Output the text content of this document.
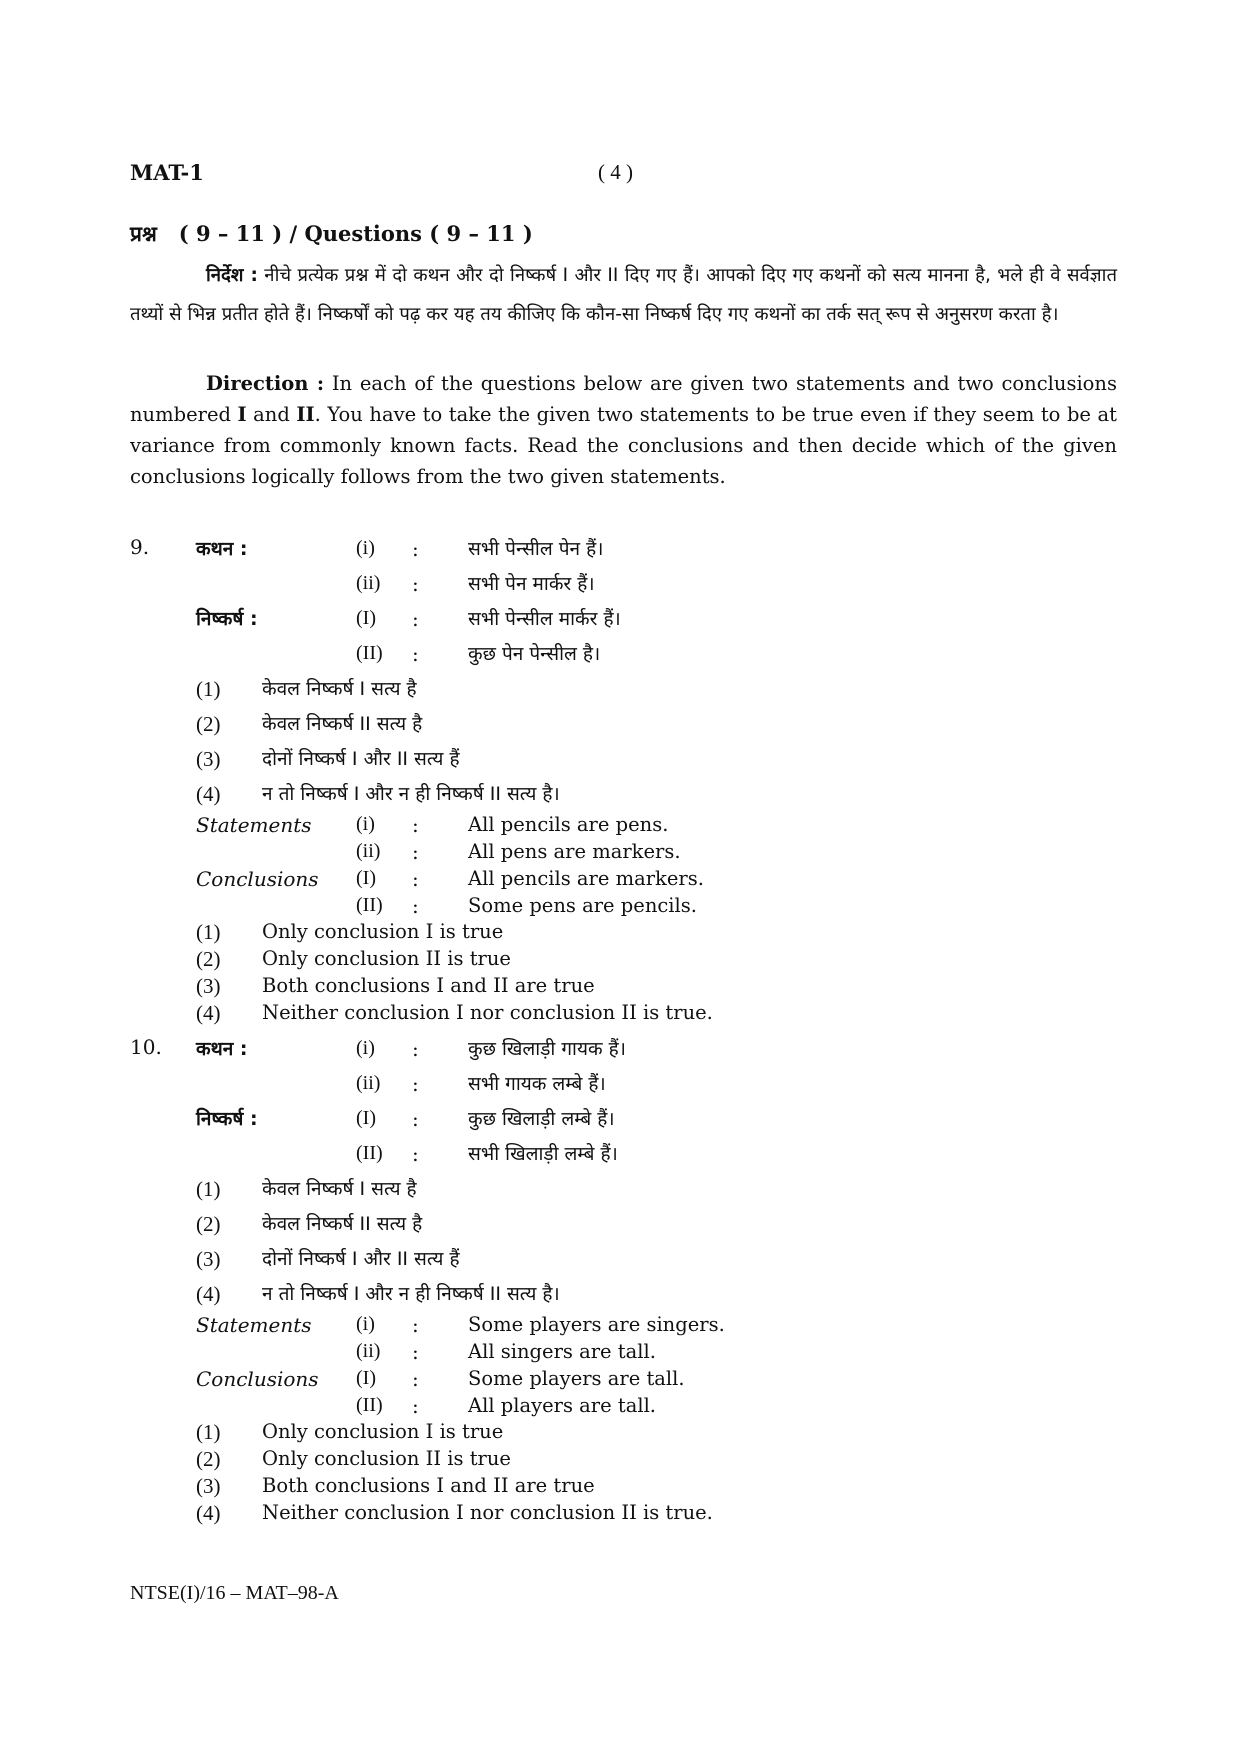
MAT-1	( 4 )
प्रश्न ( 9 – 11 ) / Questions ( 9 – 11 )
निर्देश : नीचे प्रत्येक प्रश्न में दो कथन और दो निष्कर्ष I और II दिए गए हैं। आपको दिए गए कथनों को सत्य मानना है, भले ही वे सर्वज्ञात तथ्यों से भिन्न प्रतीत होते हैं। निष्कर्षों को पढ़ कर यह तय कीजिए कि कौन-सा निष्कर्ष दिए गए कथनों का तर्क सत् रूप से अनुसरण करता है।
Direction : In each of the questions below are given two statements and two conclusions numbered I and II. You have to take the given two statements to be true even if they seem to be at variance from commonly known facts. Read the conclusions and then decide which of the given conclusions logically follows from the two given statements.
9. कथन :	(i) :	सभी पेन्सील पेन हैं।
(ii) :	सभी पेन मार्कर हैं।
निष्कर्ष :	(I) :	सभी पेन्सील मार्कर हैं।
(II) :	कुछ पेन पेन्सील है।
(1) केवल निष्कर्ष I सत्य है
(2) केवल निष्कर्ष II सत्य है
(3) दोनों निष्कर्ष I और II सत्य हैं
(4) न तो निष्कर्ष I और न ही निष्कर्ष II सत्य है।
Statements (i) :	All pencils are pens.
(ii) :	All pens are markers.
Conclusions (I) :	All pencils are markers.
(II) :	Some pens are pencils.
(1) Only conclusion I is true
(2) Only conclusion II is true
(3) Both conclusions I and II are true
(4) Neither conclusion I nor conclusion II is true.
10. कथन :	(i) :	कुछ खिलाड़ी गायक हैं।
(ii) :	सभी गायक लम्बे हैं।
निष्कर्ष :	(I) :	कुछ खिलाड़ी लम्बे हैं।
(II) :	सभी खिलाड़ी लम्बे हैं।
(1) केवल निष्कर्ष I सत्य है
(2) केवल निष्कर्ष II सत्य है
(3) दोनों निष्कर्ष I और II सत्य हैं
(4) न तो निष्कर्ष I और न ही निष्कर्ष II सत्य है।
Statements (i) :	Some players are singers.
(ii) :	All singers are tall.
Conclusions (I) :	Some players are tall.
(II) :	All players are tall.
(1) Only conclusion I is true
(2) Only conclusion II is true
(3) Both conclusions I and II are true
(4) Neither conclusion I nor conclusion II is true.
NTSE(I)/16 – MAT–98-A
